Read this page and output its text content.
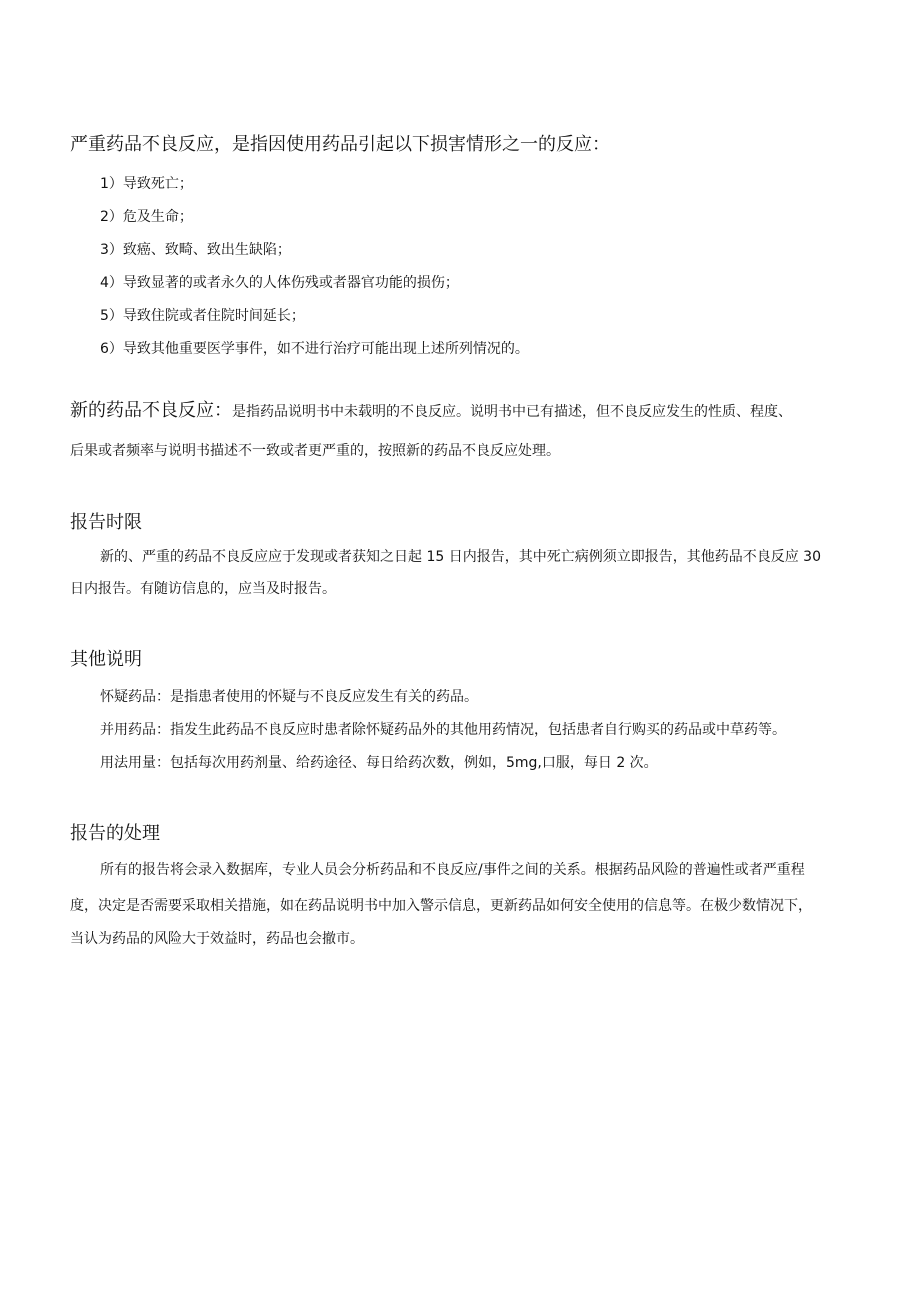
严重药品不良反应，是指因使用药品引起以下损害情形之一的反应：
1）导致死亡；
2）危及生命；
3）致癌、致畸、致出生缺陷；
4）导致显著的或者永久的人体伤残或者器官功能的损伤；
5）导致住院或者住院时间延长；
6）导致其他重要医学事件，如不进行治疗可能出现上述所列情况的。
新的药品不良反应：是指药品说明书中未载明的不良反应。说明书中已有描述，但不良反应发生的性质、程度、
后果或者频率与说明书描述不一致或者更严重的，按照新的药品不良反应处理。
报告时限
新的、严重的药品不良反应应于发现或者获知之日起 15 日内报告，其中死亡病例须立即报告，其他药品不良反应 30
日内报告。有随访信息的，应当及时报告。
其他说明
怀疑药品：是指患者使用的怀疑与不良反应发生有关的药品。
并用药品：指发生此药品不良反应时患者除怀疑药品外的其他用药情况，包括患者自行购买的药品或中草药等。
用法用量：包括每次用药剂量、给药途径、每日给药次数，例如，5mg,口服，每日 2 次。
报告的处理
所有的报告将会录入数据库，专业人员会分析药品和不良反应/事件之间的关系。根据药品风险的普遍性或者严重程
度，决定是否需要采取相关措施，如在药品说明书中加入警示信息，更新药品如何安全使用的信息等。在极少数情况下，
当认为药品的风险大于效益时，药品也会撤市。
